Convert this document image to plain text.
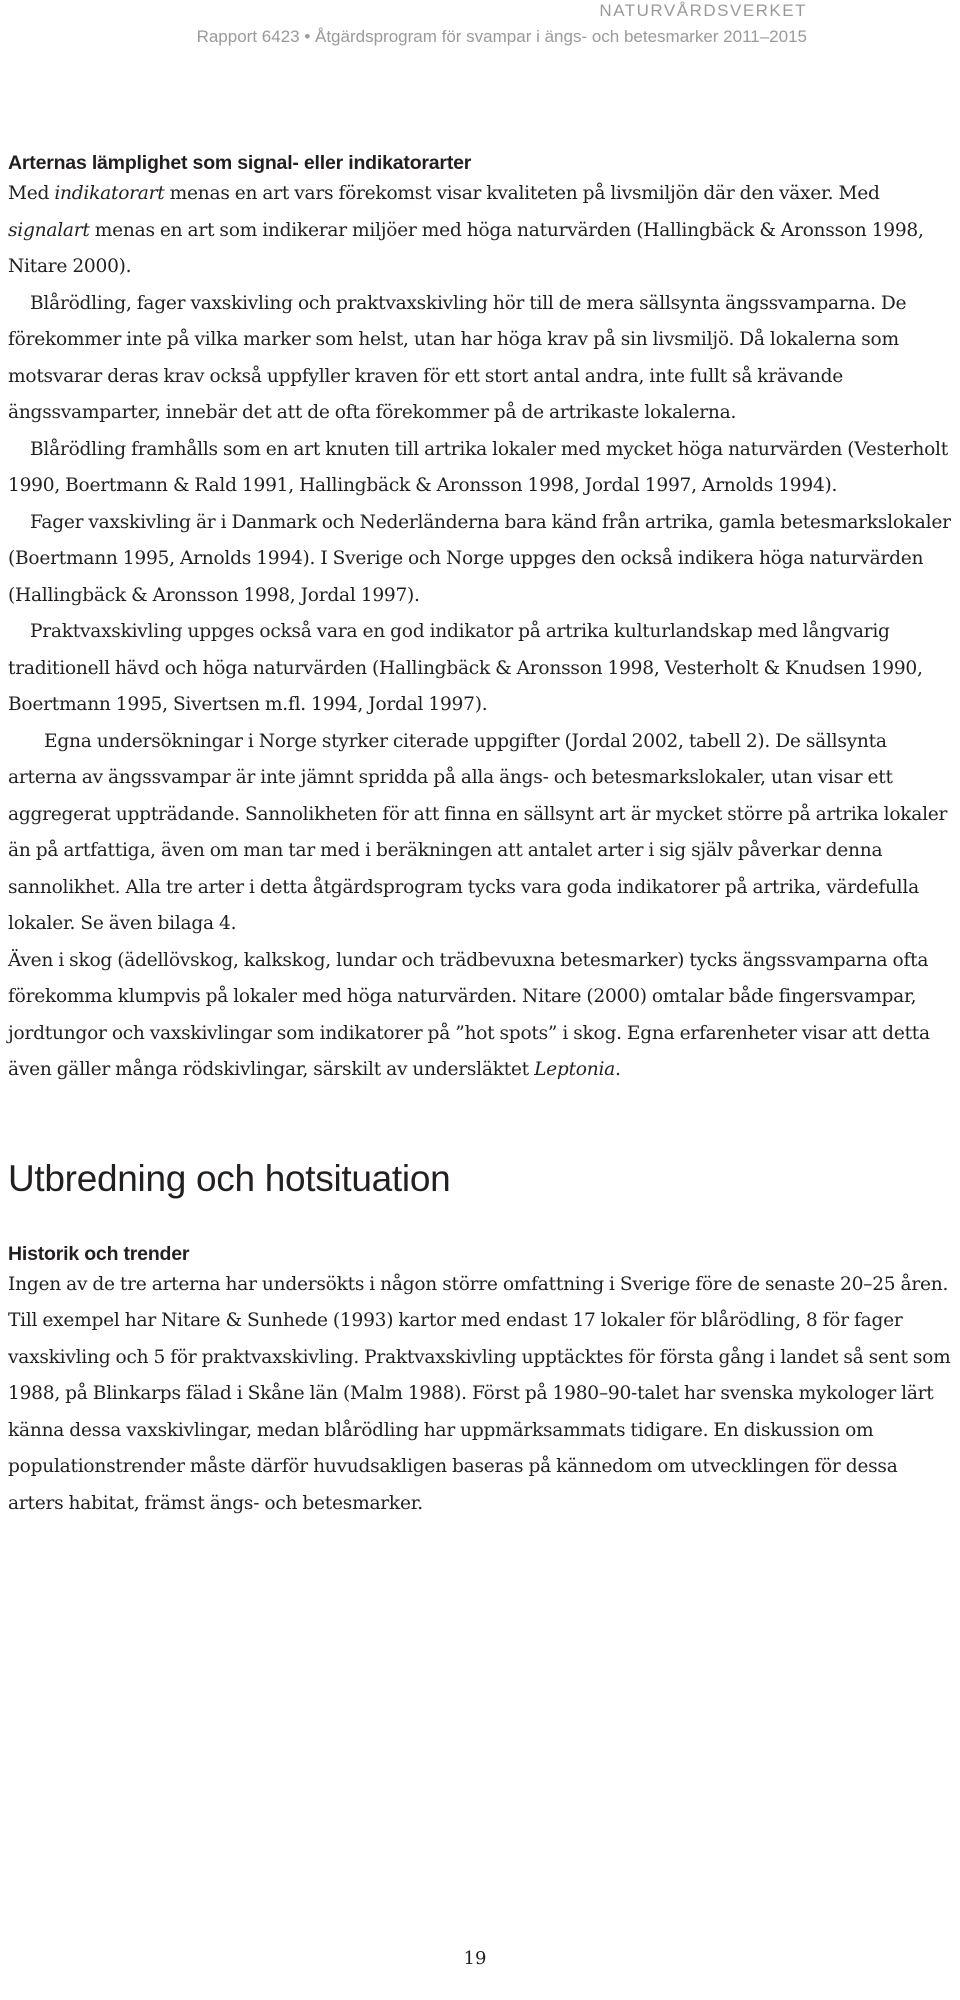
NATURVÅRDSVERKET
Rapport 6423 • Åtgärdsprogram för svampar i ängs- och betesmarker 2011–2015
Arternas lämplighet som signal- eller indikatorarter

Med indikatorart menas en art vars förekomst visar kvaliteten på livsmiljön där den växer. Med signalart menas en art som indikerar miljöer med höga naturvärden (Hallingbäck & Aronsson 1998, Nitare 2000).

Blårödling, fager vaxskivling och praktvaxskivling hör till de mera sällsynta ängssvamparna. De förekommer inte på vilka marker som helst, utan har höga krav på sin livsmiljö. Då lokalerna som motsvarar deras krav också uppfyller kraven för ett stort antal andra, inte fullt så krävande ängssvamparter, innebär det att de ofta förekommer på de artrikaste lokalerna.

Blårödling framhålls som en art knuten till artrika lokaler med mycket höga naturvärden (Vesterholt 1990, Boertmann & Rald 1991, Hallingbäck & Aronsson 1998, Jordal 1997, Arnolds 1994).

Fager vaxskivling är i Danmark och Nederländerna bara känd från artrika, gamla betesmarkslokaler (Boertmann 1995, Arnolds 1994). I Sverige och Norge uppges den också indikera höga naturvärden (Hallingbäck & Aronsson 1998, Jordal 1997).

Praktvaxskivling uppges också vara en god indikator på artrika kulturlandskap med långvarig traditionell hävd och höga naturvärden (Hallingbäck & Aronsson 1998, Vesterholt & Knudsen 1990, Boertmann 1995, Sivertsen m.fl. 1994, Jordal 1997).

Egna undersökningar i Norge styrker citerade uppgifter (Jordal 2002, tabell 2). De sällsynta arterna av ängssvampar är inte jämnt spridda på alla ängs- och betesmarkslokaler, utan visar ett aggregerat uppträdande. Sannolikheten för att finna en sällsynt art är mycket större på artrika lokaler än på artfattiga, även om man tar med i beräkningen att antalet arter i sig själv påverkar denna sannolikhet. Alla tre arter i detta åtgärdsprogram tycks vara goda indikatorer på artrika, värdefulla lokaler. Se även bilaga 4.

Även i skog (ädellövskog, kalkskog, lundar och trädbevuxna betesmarker) tycks ängssvamparna ofta förekomma klumpvis på lokaler med höga naturvärden. Nitare (2000) omtalar både fingersvampar, jordtungor och vaxskivlingar som indikatorer på ”hot spots” i skog. Egna erfarenheter visar att detta även gäller många rödskivlingar, särskilt av undersläktet Leptonia.

Utbredning och hotsituation
Historik och trender

Ingen av de tre arterna har undersökts i någon större omfattning i Sverige före de senaste 20–25 åren. Till exempel har Nitare & Sunhede (1993) kartor med endast 17 lokaler för blårödling, 8 för fager vaxskivling och 5 för praktvaxskivling. Praktvaxskivling upptäcktes för första gång i landet så sent som 1988, på Blinkarps fälad i Skåne län (Malm 1988). Först på 1980–90-talet har svenska mykologer lärt känna dessa vaxskivlingar, medan blårödling har uppmärksammats tidigare. En diskussion om populationstrender måste därför huvudsakligen baseras på kännedom om utvecklingen för dessa arters habitat, främst ängs- och betesmarker.

19
